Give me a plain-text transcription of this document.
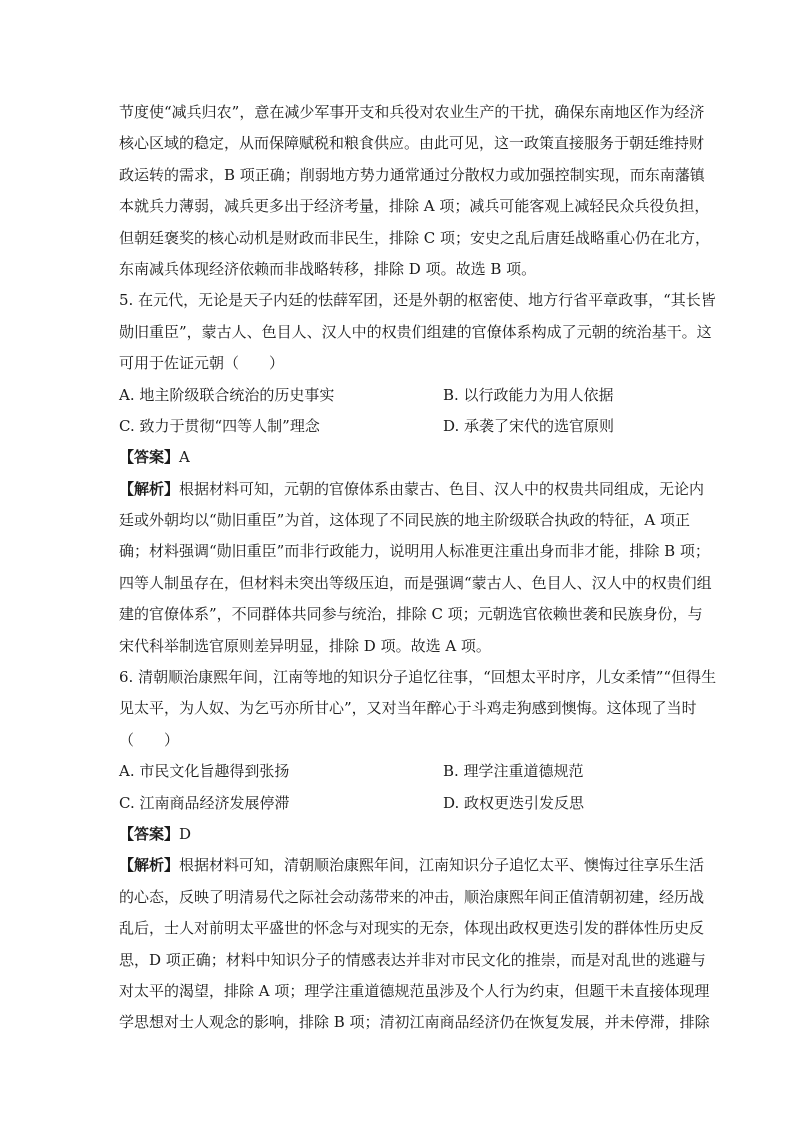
节度使“减兵归农”，意在减少军事开支和兵役对农业生产的干扰，确保东南地区作为经济
核心区域的稳定，从而保障赋税和粮食供应。由此可见，这一政策直接服务于朝廷维持财
政运转的需求，B 项正确；削弱地方势力通常通过分散权力或加强控制实现，而东南藩镇
本就兵力薄弱，减兵更多出于经济考量，排除 A 项；减兵可能客观上减轻民众兵役负担，
但朝廷褒奖的核心动机是财政而非民生，排除 C 项；安史之乱后唐廷战略重心仍在北方，
东南减兵体现经济依赖而非战略转移，排除 D 项。故选 B 项。
5. 在元代，无论是天子内廷的怯薛军团，还是外朝的枢密使、地方行省平章政事，“其长皆
勋旧重臣”，蒙古人、色目人、汉人中的权贵们组建的官僚体系构成了元朝的统治基干。这
可用于佐证元朝（　　）
A. 地主阶级联合统治的历史事实	B. 以行政能力为用人依据
C. 致力于贯彻“四等人制”理念	D. 承袭了宋代的选官原则
【答案】A
【解析】根据材料可知，元朝的官僚体系由蒙古、色目、汉人中的权贵共同组成，无论内
廷或外朝均以“勋旧重臣”为首，这体现了不同民族的地主阶级联合执政的特征，A 项正
确；材料强调“勋旧重臣”而非行政能力，说明用人标准更注重出身而非才能，排除 B 项；
四等人制虽存在，但材料未突出等级压迫，而是强调“蒙古人、色目人、汉人中的权贵们组
建的官僚体系”，不同群体共同参与统治，排除 C 项；元朝选官依赖世袭和民族身份，与
宋代科举制选官原则差异明显，排除 D 项。故选 A 项。
6. 清朝顺治康熙年间，江南等地的知识分子追忆往事，“回想太平时序，儿女柔情”“但得生
见太平，为人奴、为乞丐亦所甘心”，又对当年醉心于斗鸡走狗感到懊悔。这体现了当时
（　　）
A. 市民文化旨趣得到张扬	B. 理学注重道德规范
C. 江南商品经济发展停滞	D. 政权更迭引发反思
【答案】D
【解析】根据材料可知，清朝顺治康熙年间，江南知识分子追忆太平、懊悔过往享乐生活
的心态，反映了明清易代之际社会动荡带来的冲击，顺治康熙年间正值清朝初建，经历战
乱后，士人对前明太平盛世的怀念与对现实的无奈，体现出政权更迭引发的群体性历史反
思，D 项正确；材料中知识分子的情感表达并非对市民文化的推崇，而是对乱世的逃避与
对太平的渴望，排除 A 项；理学注重道德规范虽涉及个人行为约束，但题干未直接体现理
学思想对士人观念的影响，排除 B 项；清初江南商品经济仍在恢复发展，并未停滞，排除
